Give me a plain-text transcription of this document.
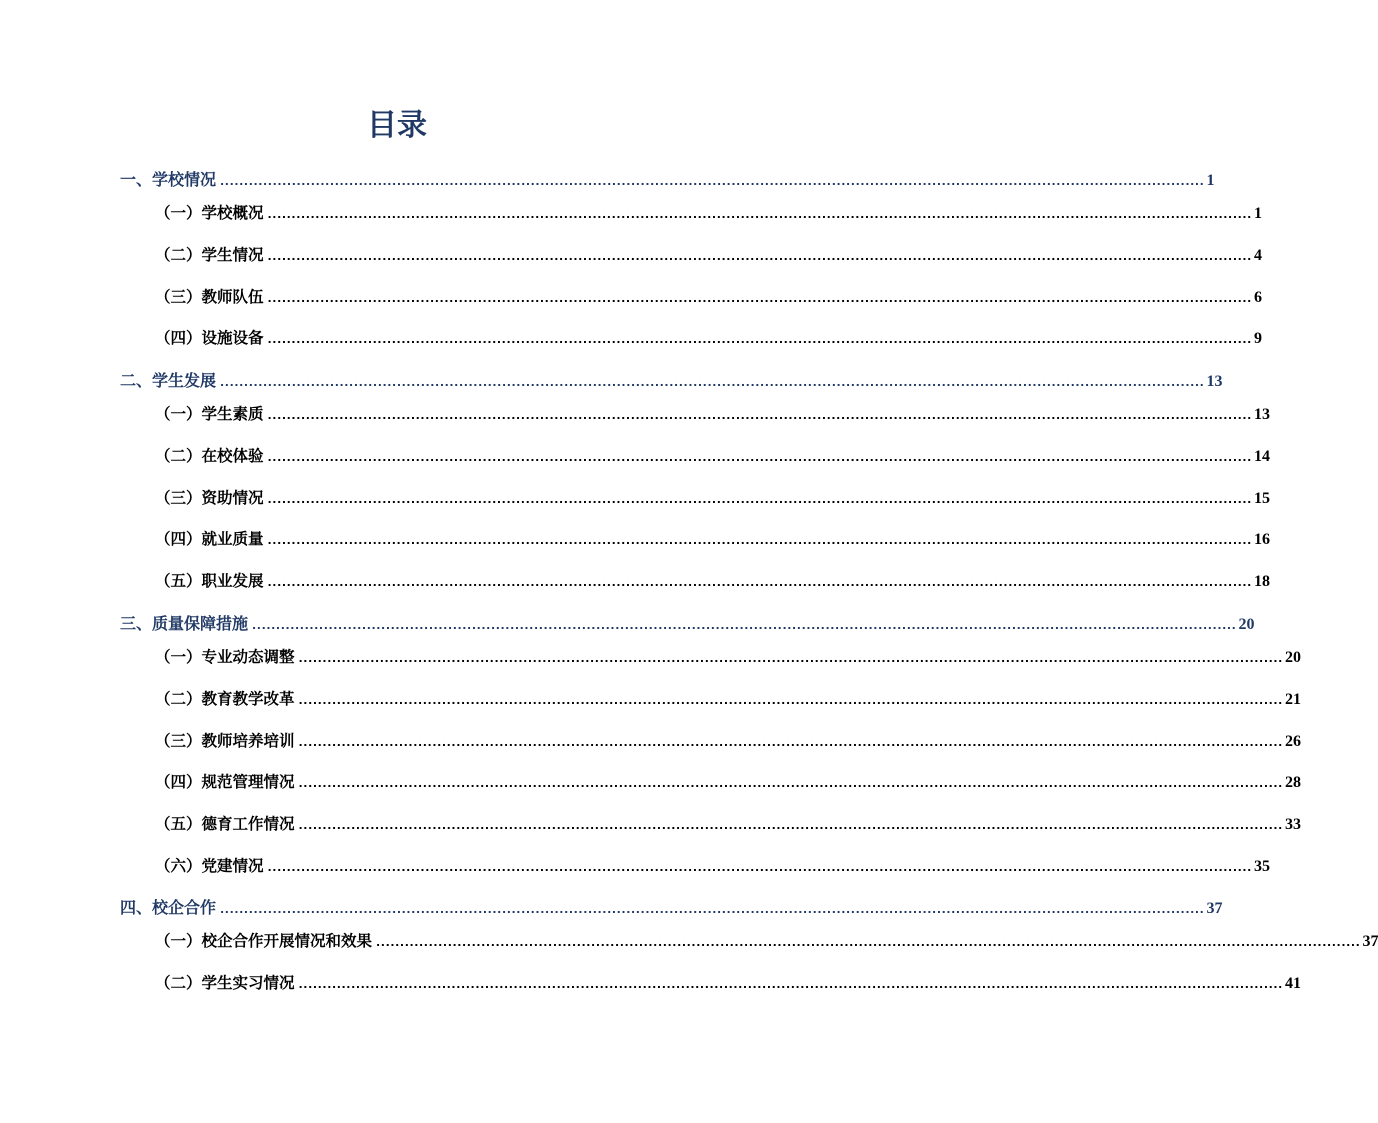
目录
一、学校情况 .............................................................................................................................................................................................................. 1
（一）学校概况 .............................................................................................................................................................................................................. 1
（二）学生情况 .............................................................................................................................................................................................................. 4
（三）教师队伍 .............................................................................................................................................................................................................. 6
（四）设施设备 .............................................................................................................................................................................................................. 9
二、学生发展 .............................................................................................................................................................................................................. 13
（一）学生素质 .............................................................................................................................................................................................................. 13
（二）在校体验 .............................................................................................................................................................................................................. 14
（三）资助情况 .............................................................................................................................................................................................................. 15
（四）就业质量 .............................................................................................................................................................................................................. 16
（五）职业发展 .............................................................................................................................................................................................................. 18
三、质量保障措施 .............................................................................................................................................................................................................. 20
（一）专业动态调整 .............................................................................................................................................................................................................. 20
（二）教育教学改革 .............................................................................................................................................................................................................. 21
（三）教师培养培训 .............................................................................................................................................................................................................. 26
（四）规范管理情况 .............................................................................................................................................................................................................. 28
（五）德育工作情况 .............................................................................................................................................................................................................. 33
（六）党建情况 .............................................................................................................................................................................................................. 35
四、校企合作 .............................................................................................................................................................................................................. 37
（一）校企合作开展情况和效果 .............................................................................................................................................................................................................. 37
（二）学生实习情况 .............................................................................................................................................................................................................. 41
